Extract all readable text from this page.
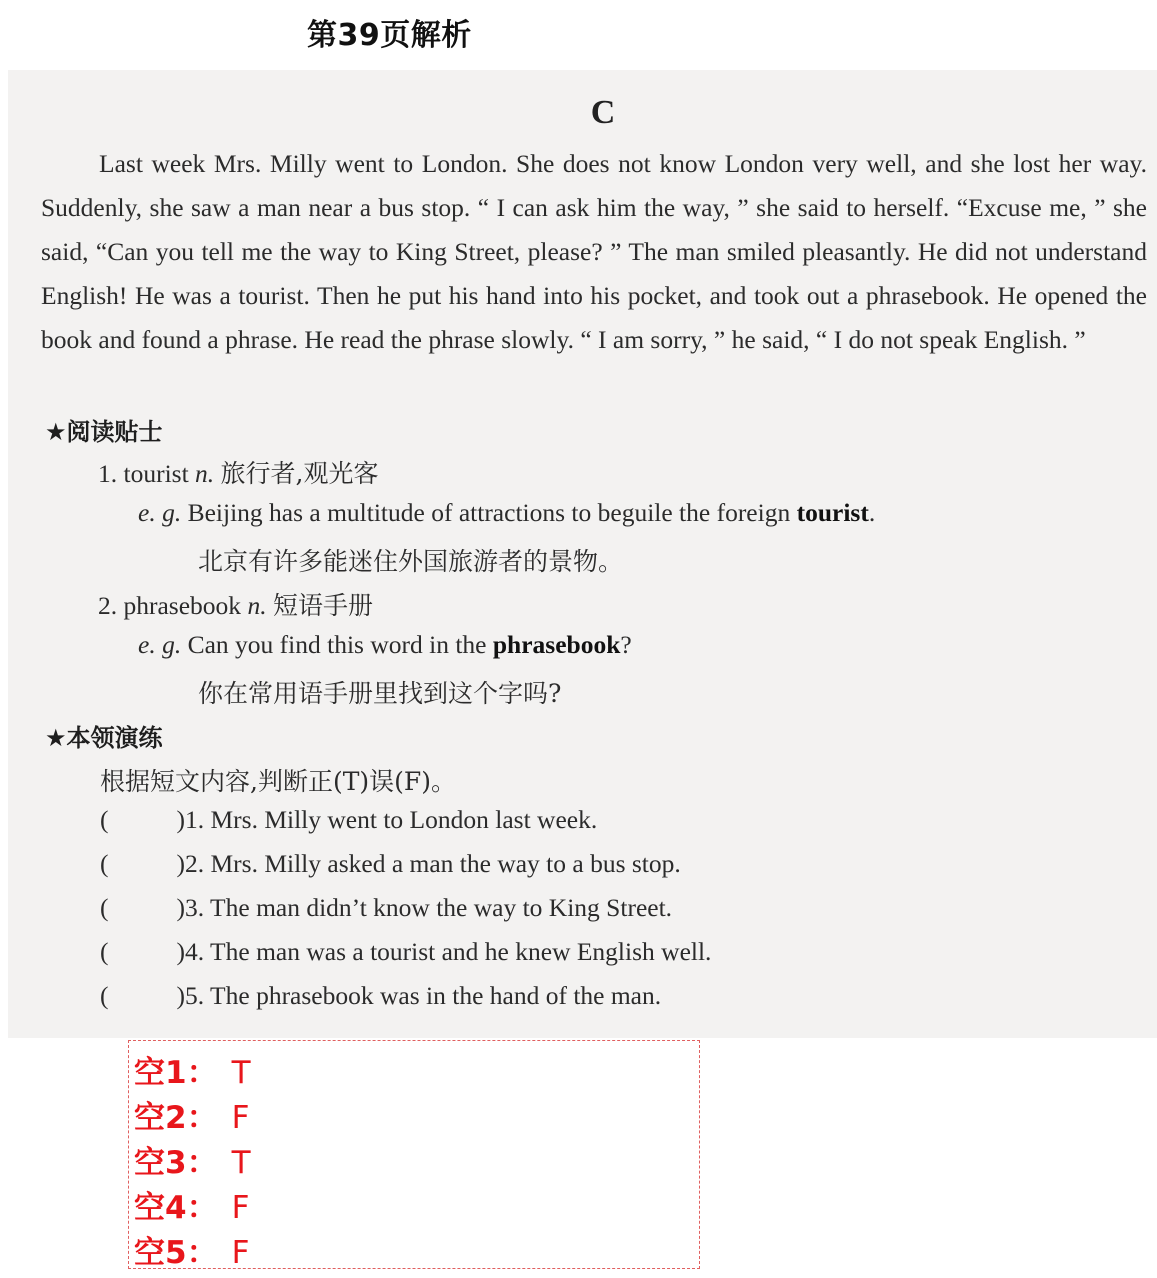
第39页解析
C
Last week Mrs. Milly went to London. She does not know London very well, and she lost her way. Suddenly, she saw a man near a bus stop. “ I can ask him the way, ” she said to herself. “Excuse me, ” she said, “Can you tell me the way to King Street, please? ” The man smiled pleasantly. He did not understand English! He was a tourist. Then he put his hand into his pocket, and took out a phrasebook. He opened the book and found a phrase. He read the phrase slowly. “ I am sorry, ” he said, “ I do not speak English. ”
★阅读贴士
1. tourist n. 旅行者,观光客
e. g. Beijing has a multitude of attractions to beguile the foreign tourist.
北京有许多能迷住外国旅游者的景物。
2. phrasebook n. 短语手册
e. g. Can you find this word in the phrasebook?
你在常用语手册里找到这个字吗?
★本领演练
根据短文内容,判断正(T)误(F)。
(	)1. Mrs. Milly went to London last week.
(	)2. Mrs. Milly asked a man the way to a bus stop.
(	)3. The man didn’t know the way to King Street.
(	)4. The man was a tourist and he knew English well.
(	)5. The phrasebook was in the hand of the man.
空1： T
空2： F
空3： T
空4： F
空5： F
